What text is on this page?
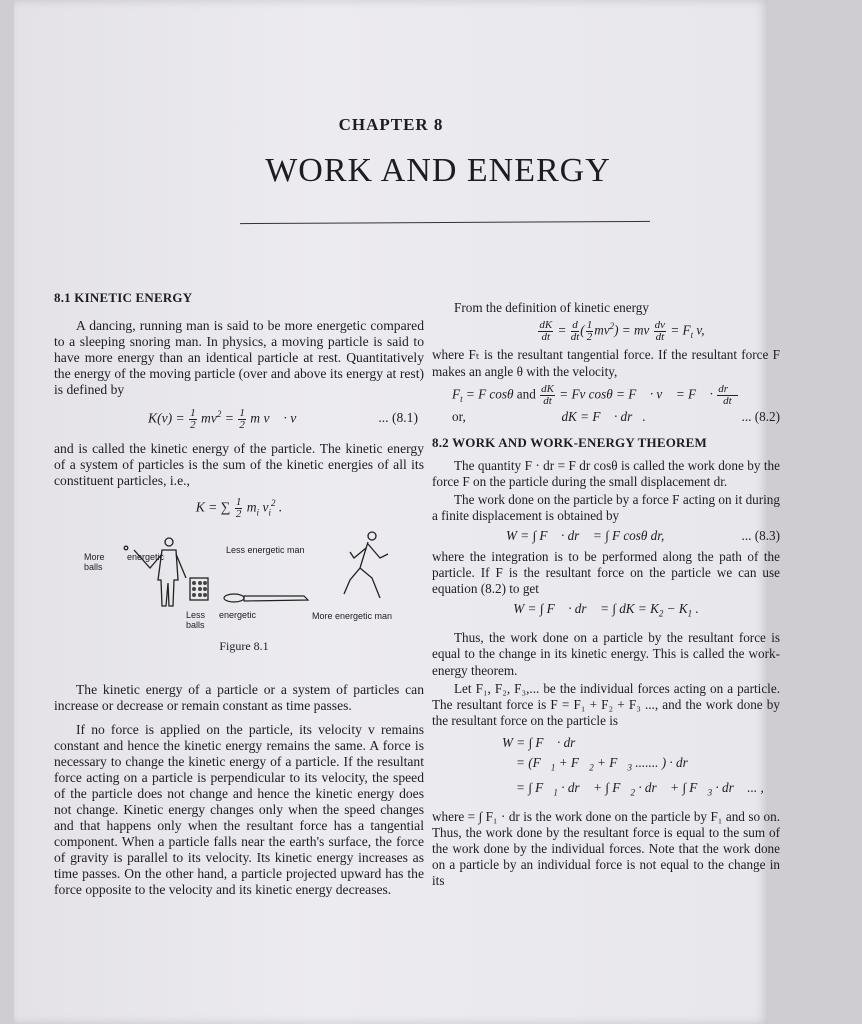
CHAPTER 8
WORK AND ENERGY
8.1 KINETIC ENERGY

A dancing, running man is said to be more energetic compared to a sleeping snoring man. In physics, a moving particle is said to have more energy than an identical particle at rest. Quantitatively the energy of the moving particle (over and above its energy at rest) is defined by

$K(v) = \frac{1}{2} mv^2 = \frac{1}{2}$ m v⃗ · v⃗	... (8.1)

and is called the kinetic energy of the particle. The kinetic energy of a system of particles is the sum of the kinetic energies of all its constituent particles, i.e.,

K = ∑ $\frac{1}{2} m_i$ $v_i^2$ .
More energetic balls
Less energetic man
Less energetic balls
More energetic man
Figure 8.1

The kinetic energy of a particle or a system of particles can increase or decrease or remain constant as time passes.

If no force is applied on the particle, its velocity v remains constant and hence the kinetic energy remains the same. A force is necessary to change the kinetic energy of a particle. If the resultant force acting on a particle is perpendicular to its velocity, the speed of the particle does not change and hence the kinetic energy does not change. Kinetic energy changes only when the speed changes and that happens only when the resultant force has a tangential component. When a particle falls near the earth's surface, the force of gravity is parallel to its velocity. Its kinetic energy increases as time passes. On the other hand, a particle projected upward has the force opposite to the velocity and its kinetic energy decreases.

From the definition of kinetic energy

$\frac{dK}{dt} = \frac{d}{dt}$ ( $\frac{1}{2} mv^2$) = mv $\frac{dv}{dt} = F_t$ v,

where Fₜ is the resultant tangential force. If the resultant force F makes an angle θ with the velocity,

$F_t = F$ cosθ and $\frac{dK}{dt} = Fv$ cosθ = F⃗ · v⃗ = F⃗ · $\frac{dr⃗}{dt}$
or,	dK = F⃗ · dr⃗.	... (8.2)
8.2 WORK AND WORK-ENERGY THEOREM

The quantity F · dr = F dr cosθ is called the work done by the force F on the particle during the small displacement dr.

The work done on the particle by a force F acting on it during a finite displacement is obtained by

W = ∫ F⃗ · dr⃗ = ∫ F cosθ dr,	... (8.3)

where the integration is to be performed along the path of the particle. If F is the resultant force on the particle we can use equation (8.2) to get

W = ∫ F⃗ · dr⃗ = ∫ dK = $K_2 - K_1$ .

Thus, the work done on a particle by the resultant force is equal to the change in its kinetic energy. This is called the work-energy theorem.

Let F₁, F₂, F₃,... be the individual forces acting on a particle. The resultant force is F = F₁ + F₂ + F₃ ..., and the work done by the resultant force on the particle is

W = ∫ F⃗ · dr⃗
= ($F⃗_1$ + $F⃗_2$ + $F⃗_3$ ....... ) · dr⃗
= ∫ $F⃗_1$ · dr⃗ + ∫ $F⃗_2$ · dr⃗ + ∫ $F⃗_3$ · dr⃗ ... ,

where = ∫ F₁ · dr is the work done on the particle by F₁ and so on. Thus, the work done by the resultant force is equal to the sum of the work done by the individual forces. Note that the work done on a particle by an individual force is not equal to the change in its
